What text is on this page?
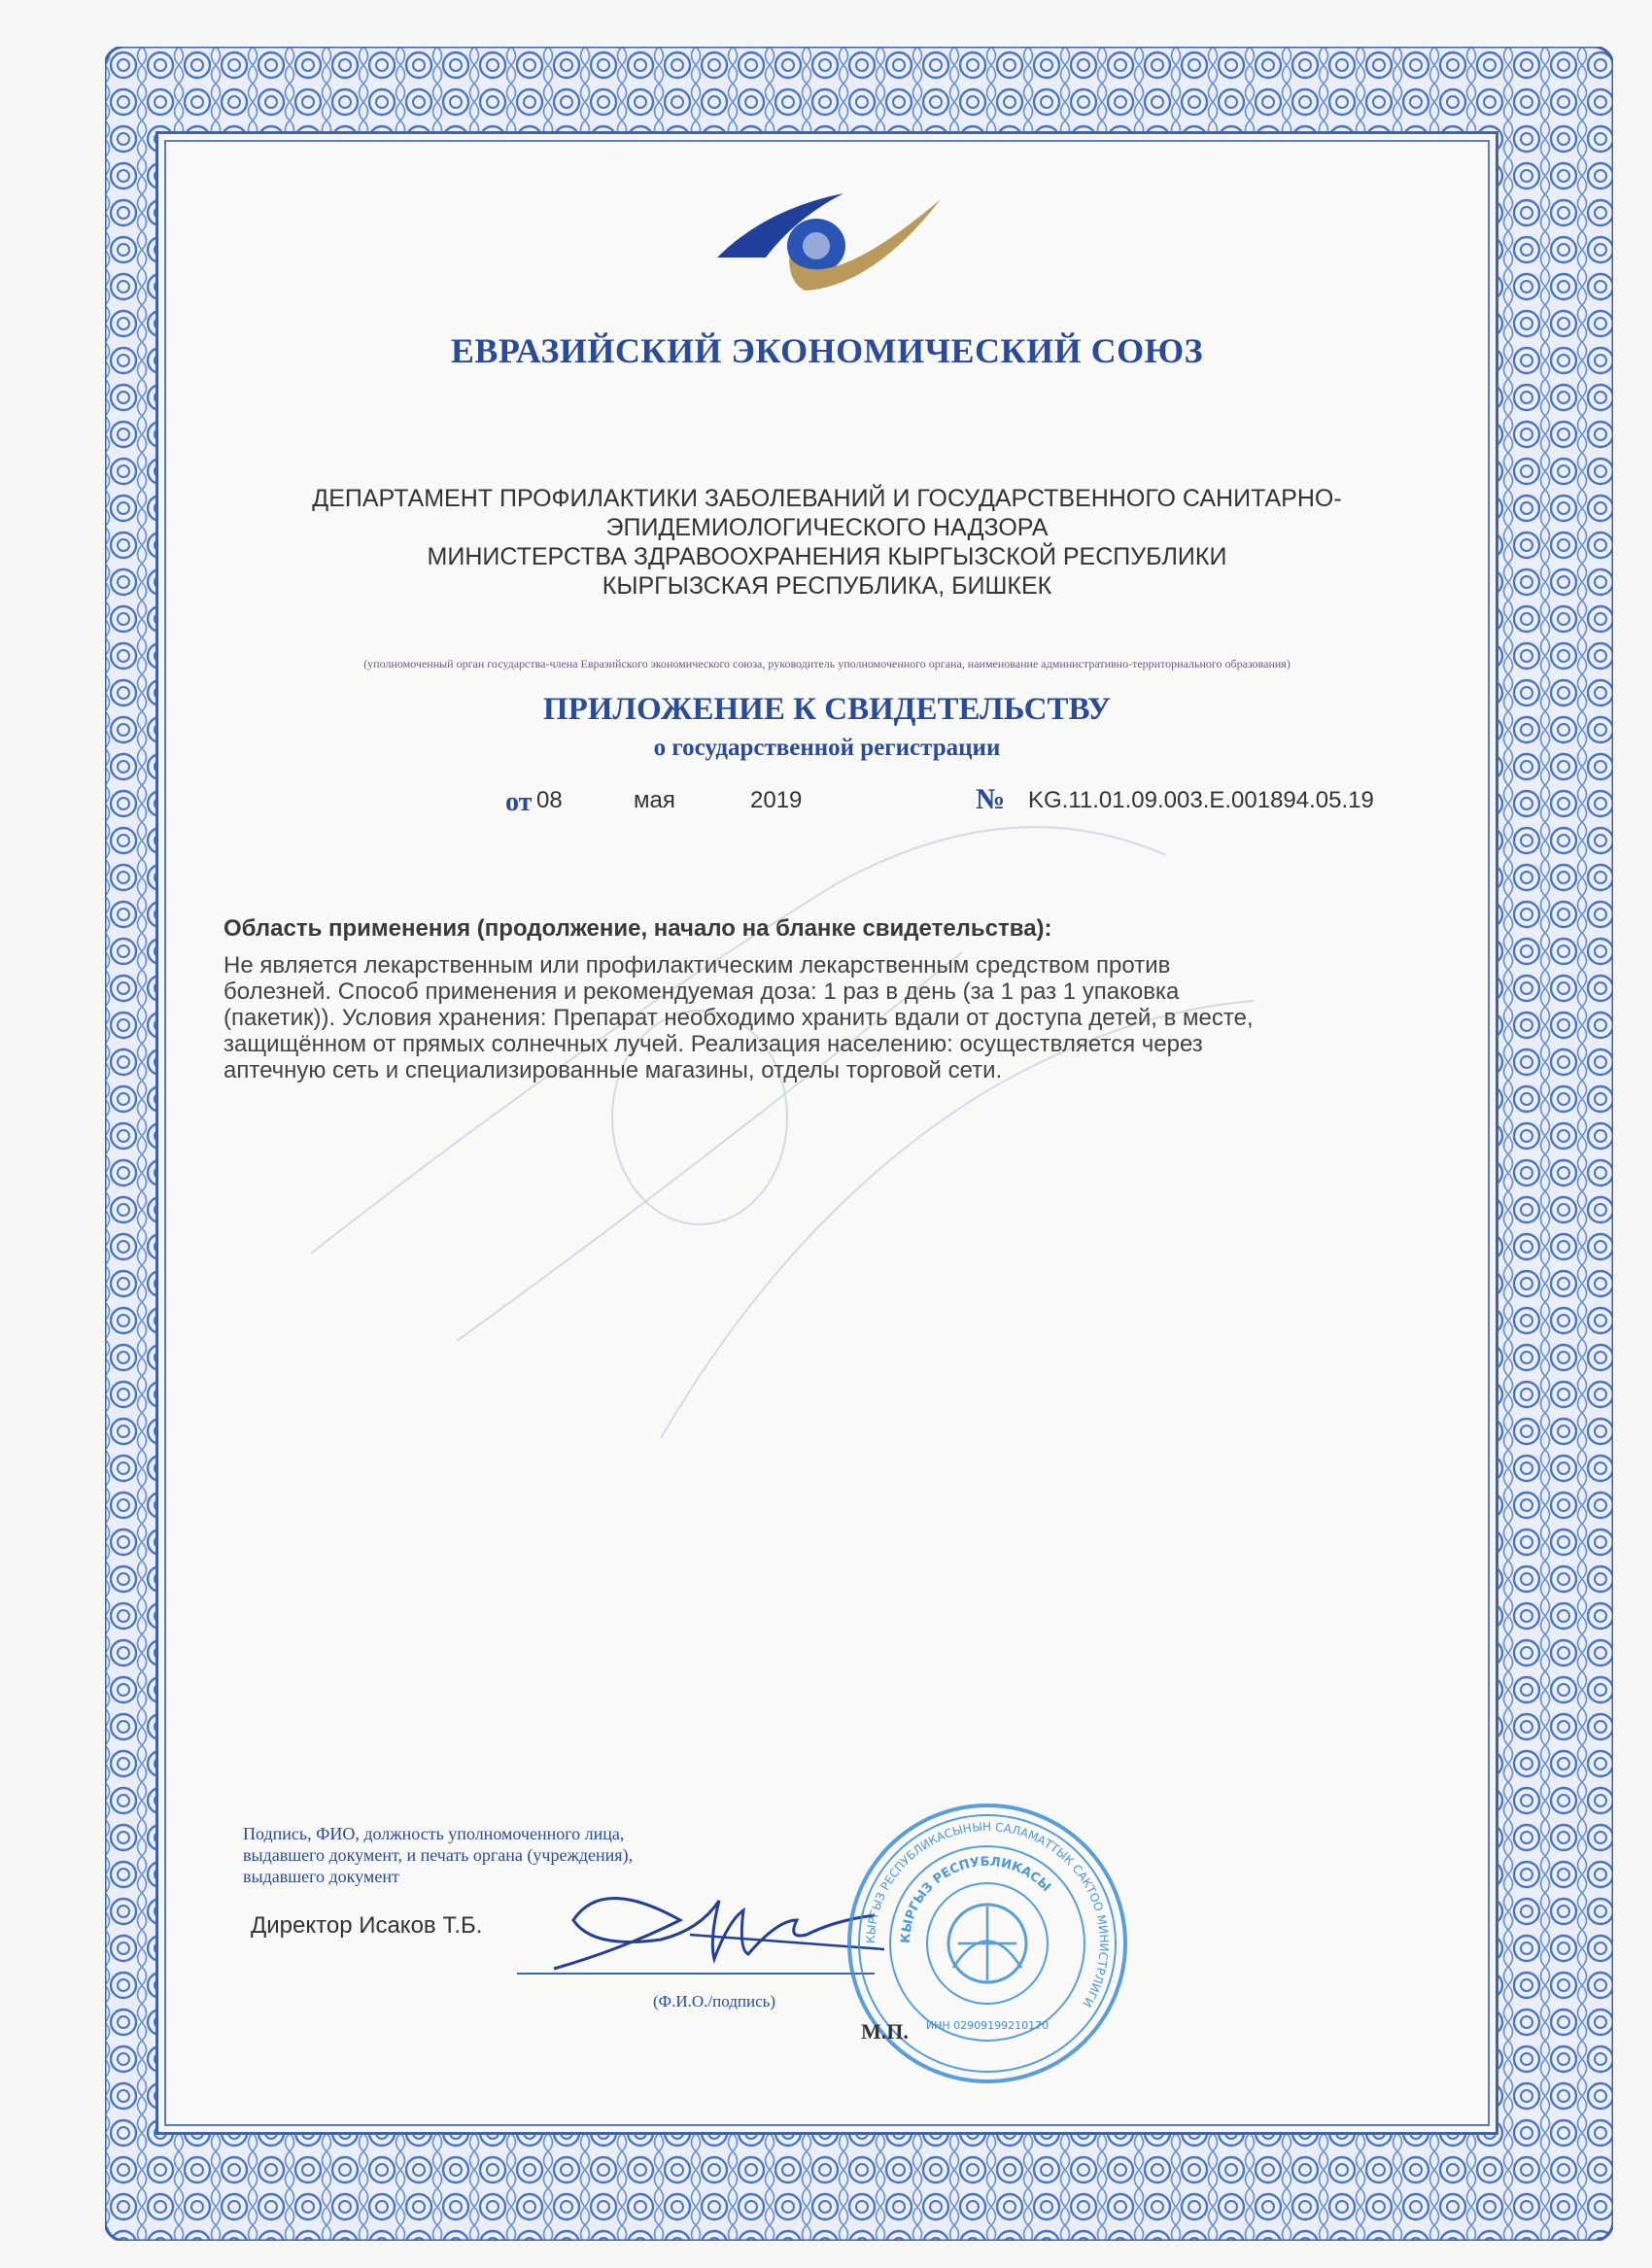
ЕВРАЗИЙСКИЙ ЭКОНОМИЧЕСКИЙ СОЮЗ
ДЕПАРТАМЕНТ ПРОФИЛАКТИКИ ЗАБОЛЕВАНИЙ И ГОСУДАРСТВЕННОГО САНИТАРНО-
ЭПИДЕМИОЛОГИЧЕСКОГО НАДЗОРА
МИНИСТЕРСТВА ЗДРАВООХРАНЕНИЯ КЫРГЫЗСКОЙ РЕСПУБЛИКИ
КЫРГЫЗСКАЯ РЕСПУБЛИКА, БИШКЕК
(уполномоченный орган государства-члена Евразийского экономического союза, руководитель уполномоченного органа, наименование административно-территориального образования)
ПРИЛОЖЕНИЕ К СВИДЕТЕЛЬСТВУ
о государственной регистрации
от 08	мая	2019	№ KG.11.01.09.003.E.001894.05.19
Область применения (продолжение, начало на бланке свидетельства):
Не является лекарственным или профилактическим лекарственным средством против
болезней. Способ применения и рекомендуемая доза: 1 раз в день (за 1 раз 1 упаковка
(пакетик)). Условия хранения: Препарат необходимо хранить вдали от доступа детей, в месте,
защищённом от прямых солнечных лучей. Реализация населению: осуществляется через
аптечную сеть и специализированные магазины, отделы торговой сети.
Подпись, ФИО, должность уполномоченного лица,
выдавшего документ, и печать органа (учреждения),
выдавшего документ
Директор Исаков Т.Б.
(Ф.И.О./подпись)
КЫРГЫЗ РЕСПУБЛИКАСЫНЫН САЛАМАТТЫК САКТОО МИНИСТРЛИГИ
КЫРГЫЗ РЕСПУБЛИКАСЫ
ИНН 02909199210170
М.П.
